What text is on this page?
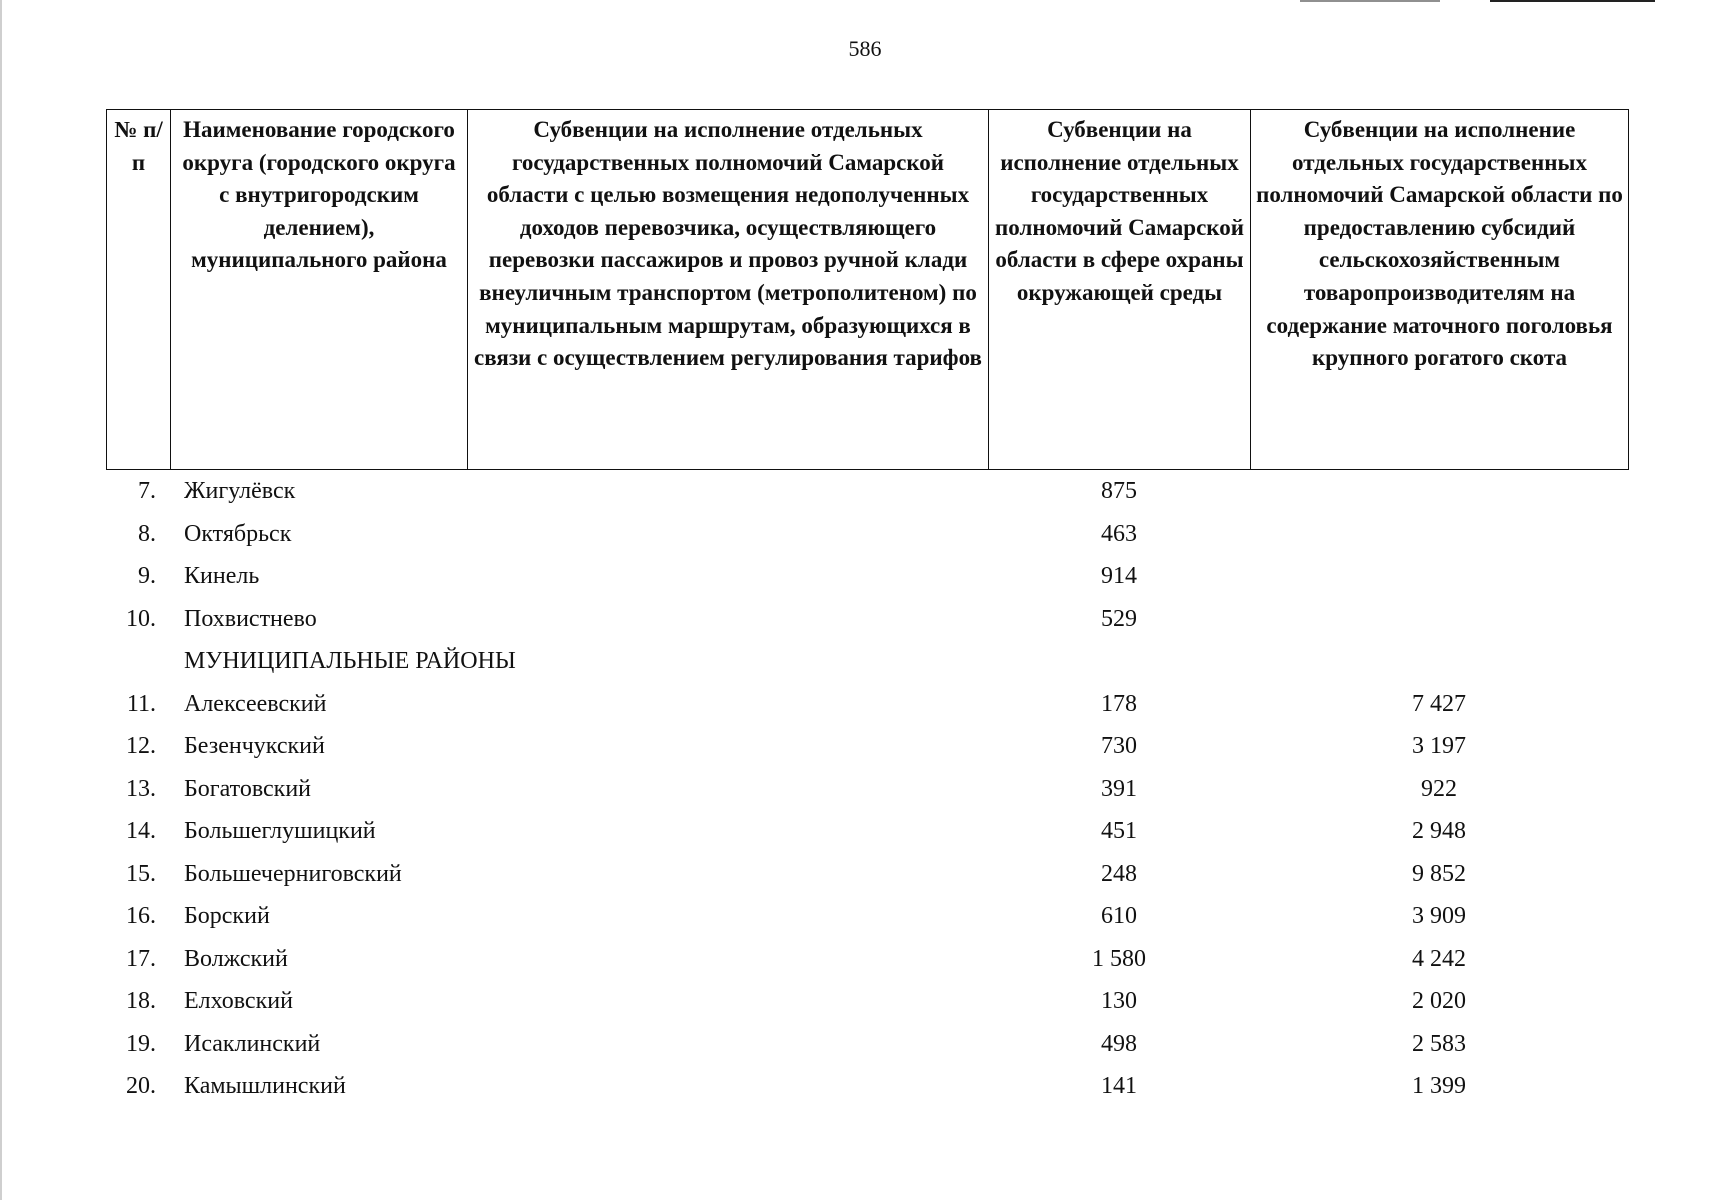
586
№ п/п

Наименование городского округа (городского округа с внутригородским делением), муниципального района

Субвенции на исполнение отдельных государственных полномочий Самарской области с целью возмещения недополученных доходов перевозчика, осуществляющего перевозки пассажиров и провоз ручной клади внеуличным транспортом (метрополитеном) по муниципальным маршрутам, образующихся в связи с осуществлением регулирования тарифов

Субвенции на исполнение отдельных государственных полномочий Самарской области в сфере охраны окружающей среды

Субвенции на исполнение отдельных государственных полномочий Самарской области по предоставлению субсидий сельскохозяйственным товаропроизводителям на содержание маточного поголовья крупного рогатого скота
7. Жигулёвск	875
8. Октябрьск	463
9. Кинель	914
10. Похвистнево	529
МУНИЦИПАЛЬНЫЕ РАЙОНЫ
11. Алексеевский	178	7 427
12. Безенчукский	730	3 197
13. Богатовский	391	922
14. Большеглушицкий	451	2 948
15. Большечерниговский	248	9 852
16. Борский	610	3 909
17. Волжский	1 580	4 242
18. Елховский	130	2 020
19. Исаклинский	498	2 583
20. Камышлинский	141	1 399
